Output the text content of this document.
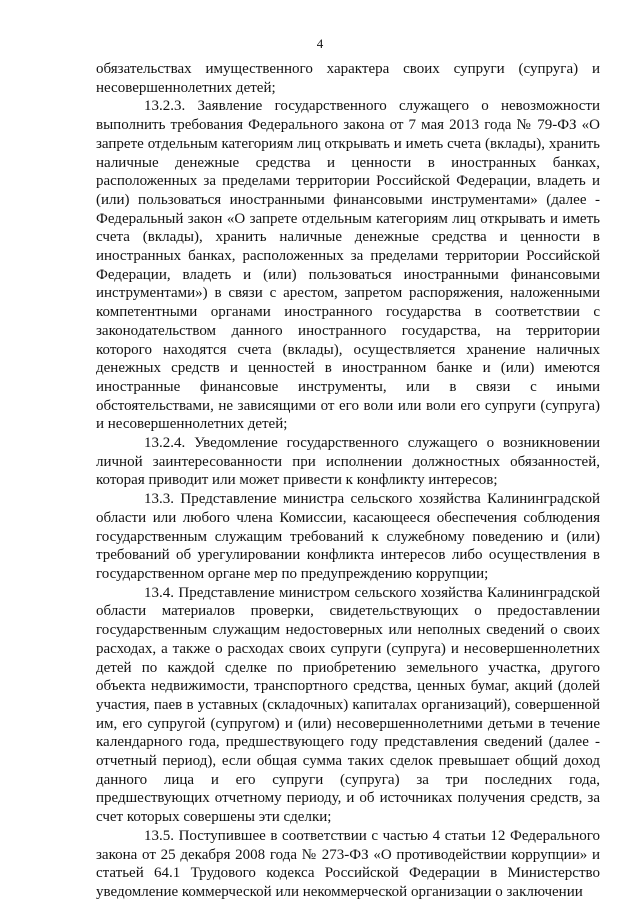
4

обязательствах имущественного характера своих супруги (супруга) и несовершеннолетних детей;

13.2.3. Заявление государственного служащего о невозможности выполнить требования Федерального закона от 7 мая 2013 года № 79-ФЗ «О запрете отдельным категориям лиц открывать и иметь счета (вклады), хранить наличные денежные средства и ценности в иностранных банках, расположенных за пределами территории Российской Федерации, владеть и (или) пользоваться иностранными финансовыми инструментами» (далее - Федеральный закон «О запрете отдельным категориям лиц открывать и иметь счета (вклады), хранить наличные денежные средства и ценности в иностранных банках, расположенных за пределами территории Российской Федерации, владеть и (или) пользоваться иностранными финансовыми инструментами») в связи с арестом, запретом распоряжения, наложенными компетентными органами иностранного государства в соответствии с законодательством данного иностранного государства, на территории которого находятся счета (вклады), осуществляется хранение наличных денежных средств и ценностей в иностранном банке и (или) имеются иностранные финансовые инструменты, или в связи с иными обстоятельствами, не зависящими от его воли или воли его супруги (супруга) и несовершеннолетних детей;

13.2.4. Уведомление государственного служащего о возникновении личной заинтересованности при исполнении должностных обязанностей, которая приводит или может привести к конфликту интересов;

13.3. Представление министра сельского хозяйства Калининградской области или любого члена Комиссии, касающееся обеспечения соблюдения государственным служащим требований к служебному поведению и (или) требований об урегулировании конфликта интересов либо осуществления в государственном органе мер по предупреждению коррупции;

13.4. Представление министром сельского хозяйства Калининградской области материалов проверки, свидетельствующих о предоставлении государственным служащим недостоверных или неполных сведений о своих расходах, а также о расходах своих супруги (супруга) и несовершеннолетних детей по каждой сделке по приобретению земельного участка, другого объекта недвижимости, транспортного средства, ценных бумаг, акций (долей участия, паев в уставных (складочных) капиталах организаций), совершенной им, его супругой (супругом) и (или) несовершеннолетними детьми в течение календарного года, предшествующего году представления сведений (далее - отчетный период), если общая сумма таких сделок превышает общий доход данного лица и его супруги (супруга) за три последних года, предшествующих отчетному периоду, и об источниках получения средств, за счет которых совершены эти сделки;

13.5. Поступившее в соответствии с частью 4 статьи 12 Федерального закона от 25 декабря 2008 года № 273-ФЗ «О противодействии коррупции» и статьей 64.1 Трудового кодекса Российской Федерации в Министерство уведомление коммерческой или некоммерческой организации о заключении
